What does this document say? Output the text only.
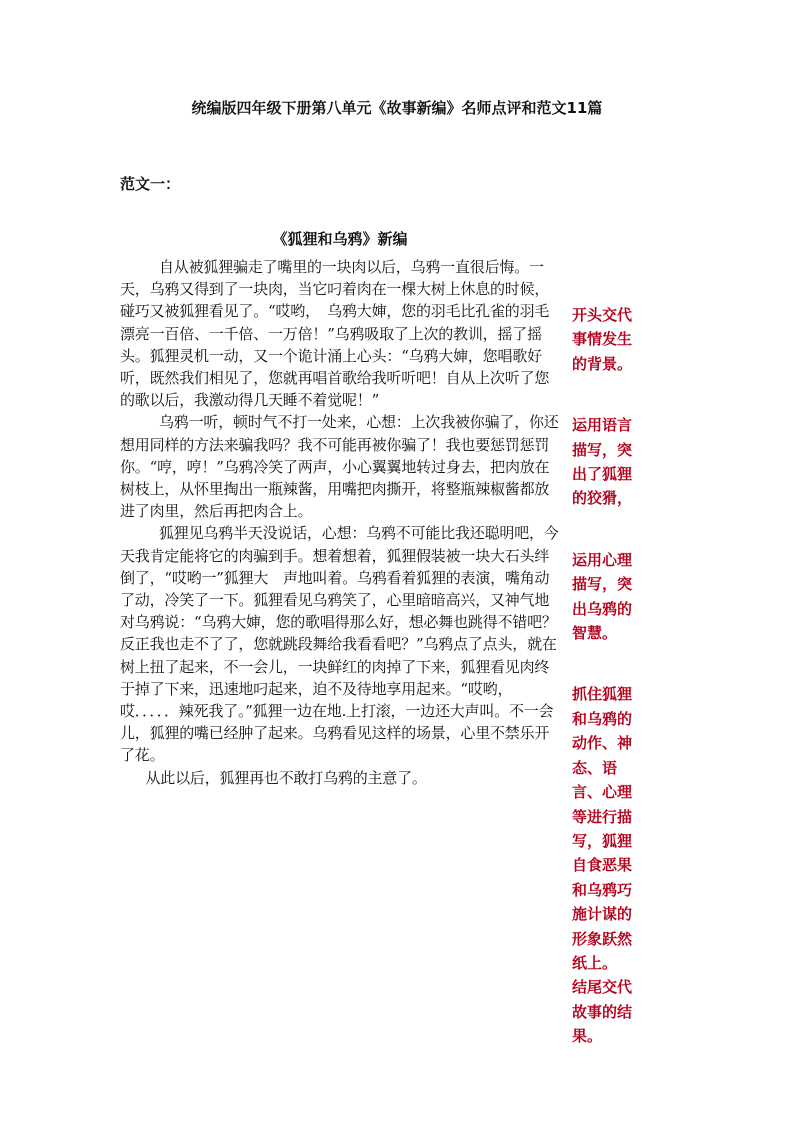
统编版四年级下册第八单元《故事新编》名师点评和范文11篇
范文一：
《狐狸和乌鸦》新编

自从被狐狸骗走了嘴里的一块肉以后，乌鸦一直很后悔。一天，乌鸦又得到了一块肉，当它叼着肉在一棵大树上休息的时候，碰巧又被狐狸看见了。“哎哟，　乌鸦大婶，您的羽毛比孔雀的羽毛漂亮一百倍、一千倍、一万倍！”乌鸦吸取了上次的教训，摇了摇头。狐狸灵机一动，又一个诡计涌上心头：“乌鸦大婶，您唱歌好听，既然我们相见了，您就再唱首歌给我听听吧！自从上次听了您的歌以后，我激动得几天睡不着觉呢！”

乌鸦一听，顿时气不打一处来，心想：上次我被你骗了，你还想用同样的方法来骗我吗？我不可能再被你骗了！我也要惩罚惩罚你。“哼，哼！”乌鸦冷笑了两声，小心翼翼地转过身去，把肉放在树枝上，从怀里掏出一瓶辣酱，用嘴把肉撕开，将整瓶辣椒酱都放进了肉里，然后再把肉合上。

狐狸见乌鸦半天没说话，心想：乌鸦不可能比我还聪明吧，今天我肯定能将它的肉骗到手。想着想着，狐狸假装被一块大石头绊倒了，“哎哟一”狐狸大　声地叫着。乌鸦看着狐狸的表演，嘴角动了动，冷笑了一下。狐狸看见乌鸦笑了，心里暗暗高兴，又神气地对乌鸦说：“乌鸦大婶，您的歌唱得那么好，想必舞也跳得不错吧？反正我也走不了了，您就跳段舞给我看看吧？”乌鸦点了点头，就在树上扭了起来，不一会儿，一块鲜红的肉掉了下来，狐狸看见肉终于掉了下来，迅速地叼起来，迫不及待地享用起来。“哎哟，哎．．．．．辣死我了。”狐狸一边在地.上打滚，一边还大声叫。不一会儿，狐狸的嘴已经肿了起来。乌鸦看见这样的场景，心里不禁乐开了花。

从此以后，狐狸再也不敢打乌鸦的主意了。

开头交代事情发生的背景。

运用语言描写，突出了狐狸的狡猾，

运用心理描写，突出乌鸦的智慧。

抓住狐狸和乌鸦的动作、神态、语言、心理等进行描写，狐狸自食恶果和乌鸦巧施计谋的形象跃然纸上。

结尾交代故事的结果。
